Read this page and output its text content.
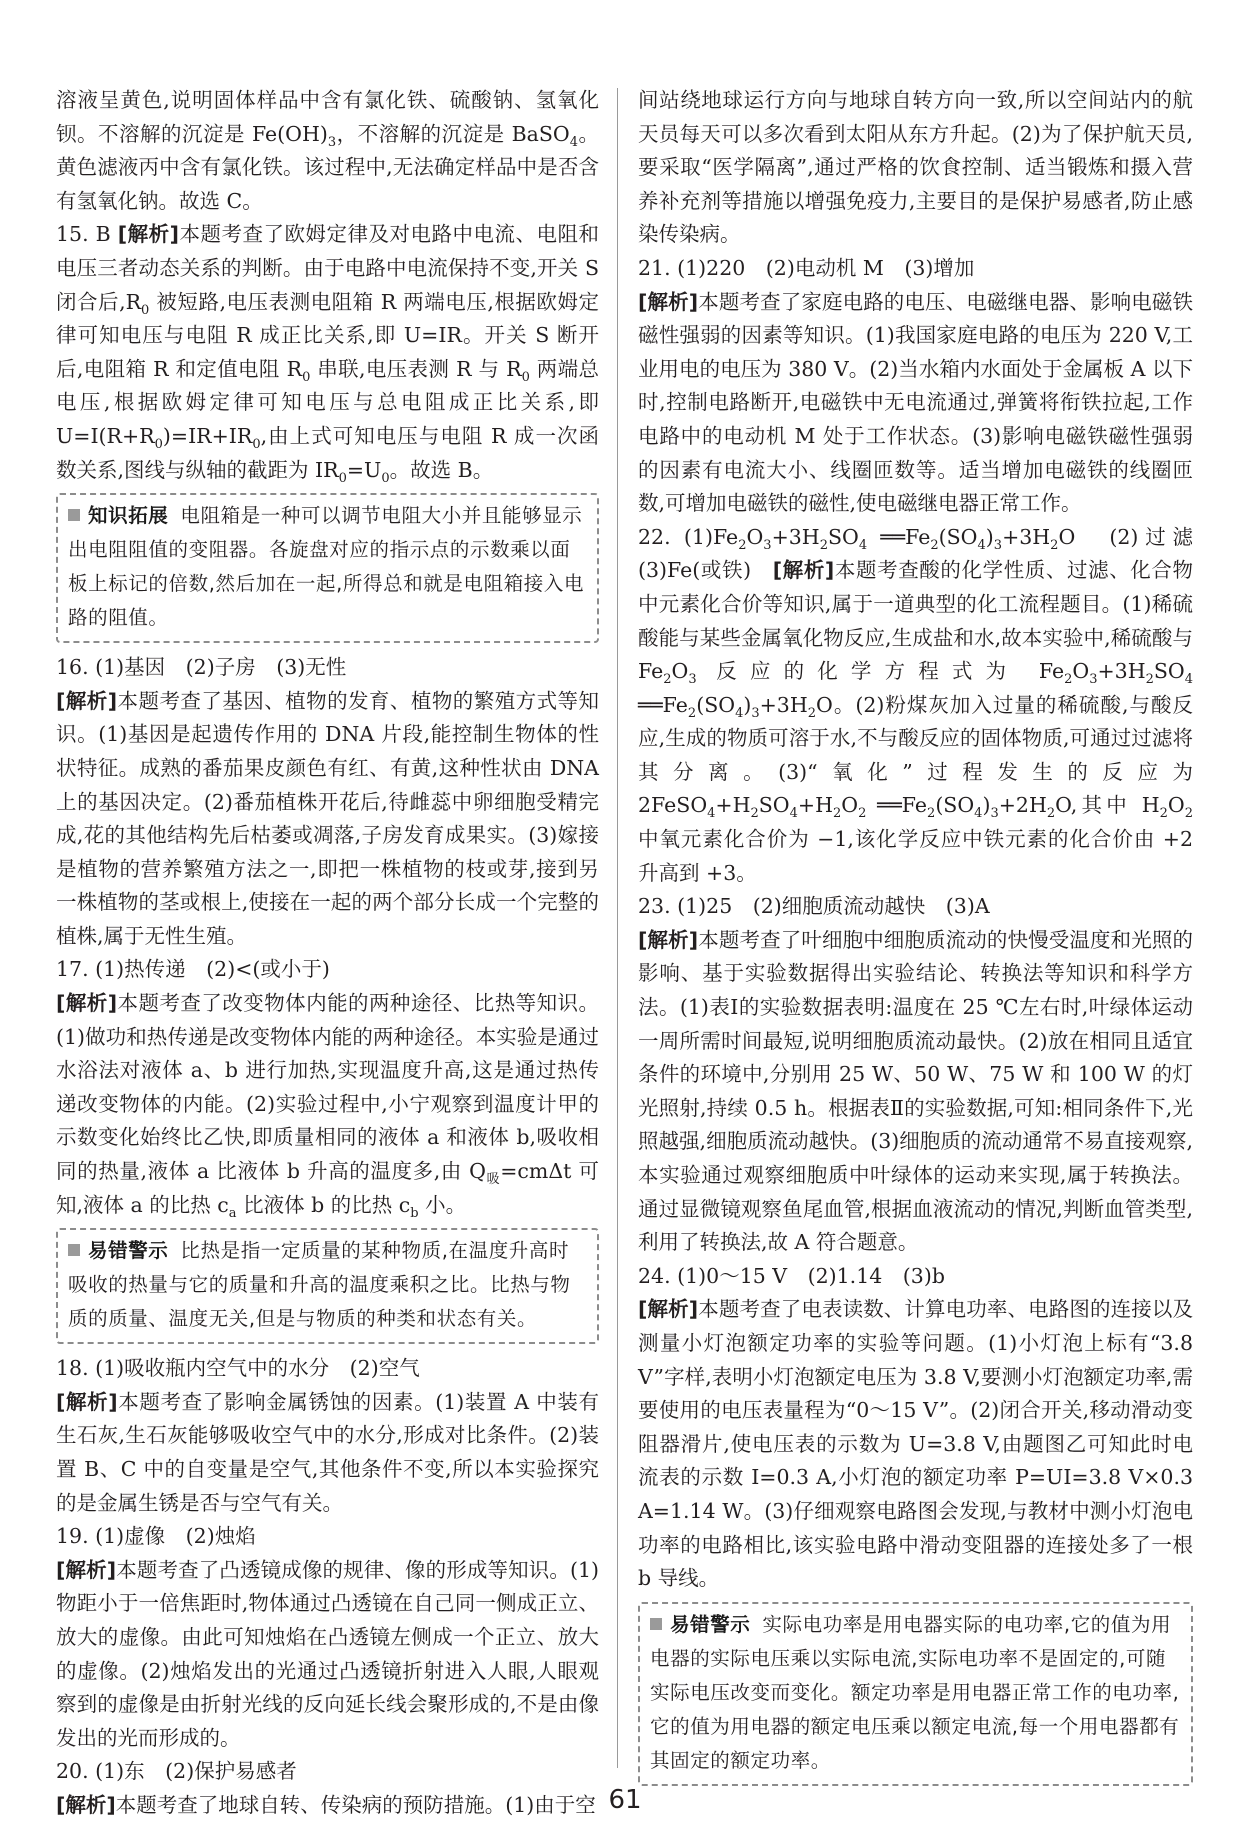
溶液呈黄色,说明固体样品中含有氯化铁、硫酸钠、氢氧化钡。不溶解的沉淀是 $Fe(OH)_3$，不溶解的沉淀是 BaSO$_4$。黄色滤液丙中含有氯化铁。该过程中,无法确定样品中是否含有氢氧化钠。故选 C。

15. B [解析]本题考查了欧姆定律及对电路中电流、电阻和电压三者动态关系的判断。由于电路中电流保持不变,开关 S 闭合后$,R_0$ 被短路,电压表测电阻箱 R 两端电压,根据欧姆定律可知电压与电阻 R 成正比关系,即 U=IR。开关 S 断开后,电阻箱 R 和定值电阻 $R_0$ 串联,电压表测 R 与 $R_0$ 两端总电压,根据欧姆定律可知电压与总电阻成正比关系,即 $U=I(R+R_0)=IR+IR_0$,由上式可知电压与电阻 R 成一次函数关系,图线与纵轴的截距为 $IR_0=U_0$。故选 B。

知识拓展 电阻箱是一种可以调节电阻大小并且能够显示出电阻阻值的变阻器。各旋盘对应的指示点的示数乘以面板上标记的倍数,然后加在一起,所得总和就是电阻箱接入电路的阻值。

16. (1)基因　(2)子房　(3)无性

[解析]本题考查了基因、植物的发育、植物的繁殖方式等知识。(1)基因是起遗传作用的 DNA 片段,能控制生物体的性状特征。成熟的番茄果皮颜色有红、有黄,这种性状由 DNA 上的基因决定。(2)番茄植株开花后,待雌蕊中卵细胞受精完成,花的其他结构先后枯萎或凋落,子房发育成果实。(3)嫁接是植物的营养繁殖方法之一,即把一株植物的枝或芽,接到另一株植物的茎或根上,使接在一起的两个部分长成一个完整的植株,属于无性生殖。

17. (1)热传递　(2)<(或小于)

[解析]本题考查了改变物体内能的两种途径、比热等知识。(1)做功和热传递是改变物体内能的两种途径。本实验是通过水浴法对液体 a、b 进行加热,实现温度升高,这是通过热传递改变物体的内能。(2)实验过程中,小宁观察到温度计甲的示数变化始终比乙快,即质量相同的液体 a 和液体 b,吸收相同的热量,液体 a 比液体 b 升高的温度多,由 $Q_吸=cm\Delta t$ 可知,液体 a 的比热 $c_a$ 比液体 b 的比热 $c_b$ 小。

易错警示 比热是指一定质量的某种物质,在温度升高时吸收的热量与它的质量和升高的温度乘积之比。比热与物质的质量、温度无关,但是与物质的种类和状态有关。

18. (1)吸收瓶内空气中的水分　(2)空气

[解析]本题考查了影响金属锈蚀的因素。(1)装置 A 中装有生石灰,生石灰能够吸收空气中的水分,形成对比条件。(2)装置 B、C 中的自变量是空气,其他条件不变,所以本实验探究的是金属生锈是否与空气有关。

19. (1)虚像　(2)烛焰

[解析]本题考查了凸透镜成像的规律、像的形成等知识。(1)物距小于一倍焦距时,物体通过凸透镜在自己同一侧成正立、放大的虚像。由此可知烛焰在凸透镜左侧成一个正立、放大的虚像。(2)烛焰发出的光通过凸透镜折射进入人眼,人眼观察到的虚像是由折射光线的反向延长线会聚形成的,不是由像发出的光而形成的。

20. (1)东　(2)保护易感者

[解析]本题考查了地球自转、传染病的预防措施。(1)由于空

间站绕地球运行方向与地球自转方向一致,所以空间站内的航天员每天可以多次看到太阳从东方升起。(2)为了保护航天员,要采取“医学隔离”,通过严格的饮食控制、适当锻炼和摄入营养补充剂等措施以增强免疫力,主要目的是保护易感者,防止感染传染病。

21. (1)220　(2)电动机 M　(3)增加

[解析]本题考查了家庭电路的电压、电磁继电器、影响电磁铁磁性强弱的因素等知识。(1)我国家庭电路的电压为 220 V,工业用电的电压为 380 V。(2)当水箱内水面处于金属板 A 以下时,控制电路断开,电磁铁中无电流通过,弹簧将衔铁拉起,工作电路中的电动机 M 处于工作状态。(3)影响电磁铁磁性强弱的因素有电流大小、线圈匝数等。适当增加电磁铁的线圈匝数,可增加电磁铁的磁性,使电磁继电器正常工作。

22. $(1)Fe_2O_3+3H_2SO_4$ $══Fe_2(SO_4)_3+3H_2O$　(2)过滤　(3)Fe(或铁)　[解析]本题考查酸的化学性质、过滤、化合物中元素化合价等知识,属于一道典型的化工流程题目。(1)稀硫酸能与某些金属氧化物反应,生成盐和水,故本实验中,稀硫酸与 $Fe_2O_3$ 反应的化学方程式为 $Fe_2O_3+3H_2SO_4$ $══Fe_2(SO_4)_3+3H_2O$。(2)粉煤灰加入过量的稀硫酸,与酸反应,生成的物质可溶于水,不与酸反应的固体物质,可通过过滤将其分离。(3)“氧化”过程发生的反应为 $2FeSO_4+H_2SO_4+H_2O_2$ $══Fe_2(SO_4)_3+2H_2O$,其中 $H_2O_2$ 中氧元素化合价为 −1,该化学反应中铁元素的化合价由 +2 升高到 +3。

23. (1)25　(2)细胞质流动越快　(3)A

[解析]本题考查了叶细胞中细胞质流动的快慢受温度和光照的影响、基于实验数据得出实验结论、转换法等知识和科学方法。(1)表Ⅰ的实验数据表明:温度在 25 ℃左右时,叶绿体运动一周所需时间最短,说明细胞质流动最快。(2)放在相同且适宜条件的环境中,分别用 25 W、50 W、75 W 和 100 W 的灯光照射,持续 0.5 h。根据表Ⅱ的实验数据,可知:相同条件下,光照越强,细胞质流动越快。(3)细胞质的流动通常不易直接观察,本实验通过观察细胞质中叶绿体的运动来实现,属于转换法。通过显微镜观察鱼尾血管,根据血液流动的情况,判断血管类型,利用了转换法,故 A 符合题意。

24. (1)0～15 V　(2)1.14　(3)b

[解析]本题考查了电表读数、计算电功率、电路图的连接以及测量小灯泡额定功率的实验等问题。(1)小灯泡上标有“3.8 V”字样,表明小灯泡额定电压为 3.8 V,要测小灯泡额定功率,需要使用的电压表量程为“0～15 V”。(2)闭合开关,移动滑动变阻器滑片,使电压表的示数为 U=3.8 V,由题图乙可知此时电流表的示数 I=0.3 A,小灯泡的额定功率 P=UI=3.8 V×0.3 A=1.14 W。(3)仔细观察电路图会发现,与教材中测小灯泡电功率的电路相比,该实验电路中滑动变阻器的连接处多了一根 b 导线。

易错警示 实际电功率是用电器实际的电功率,它的值为用电器的实际电压乘以实际电流,实际电功率不是固定的,可随实际电压改变而变化。额定功率是用电器正常工作的电功率,它的值为用电器的额定电压乘以额定电流,每一个用电器都有其固定的额定功率。
61
